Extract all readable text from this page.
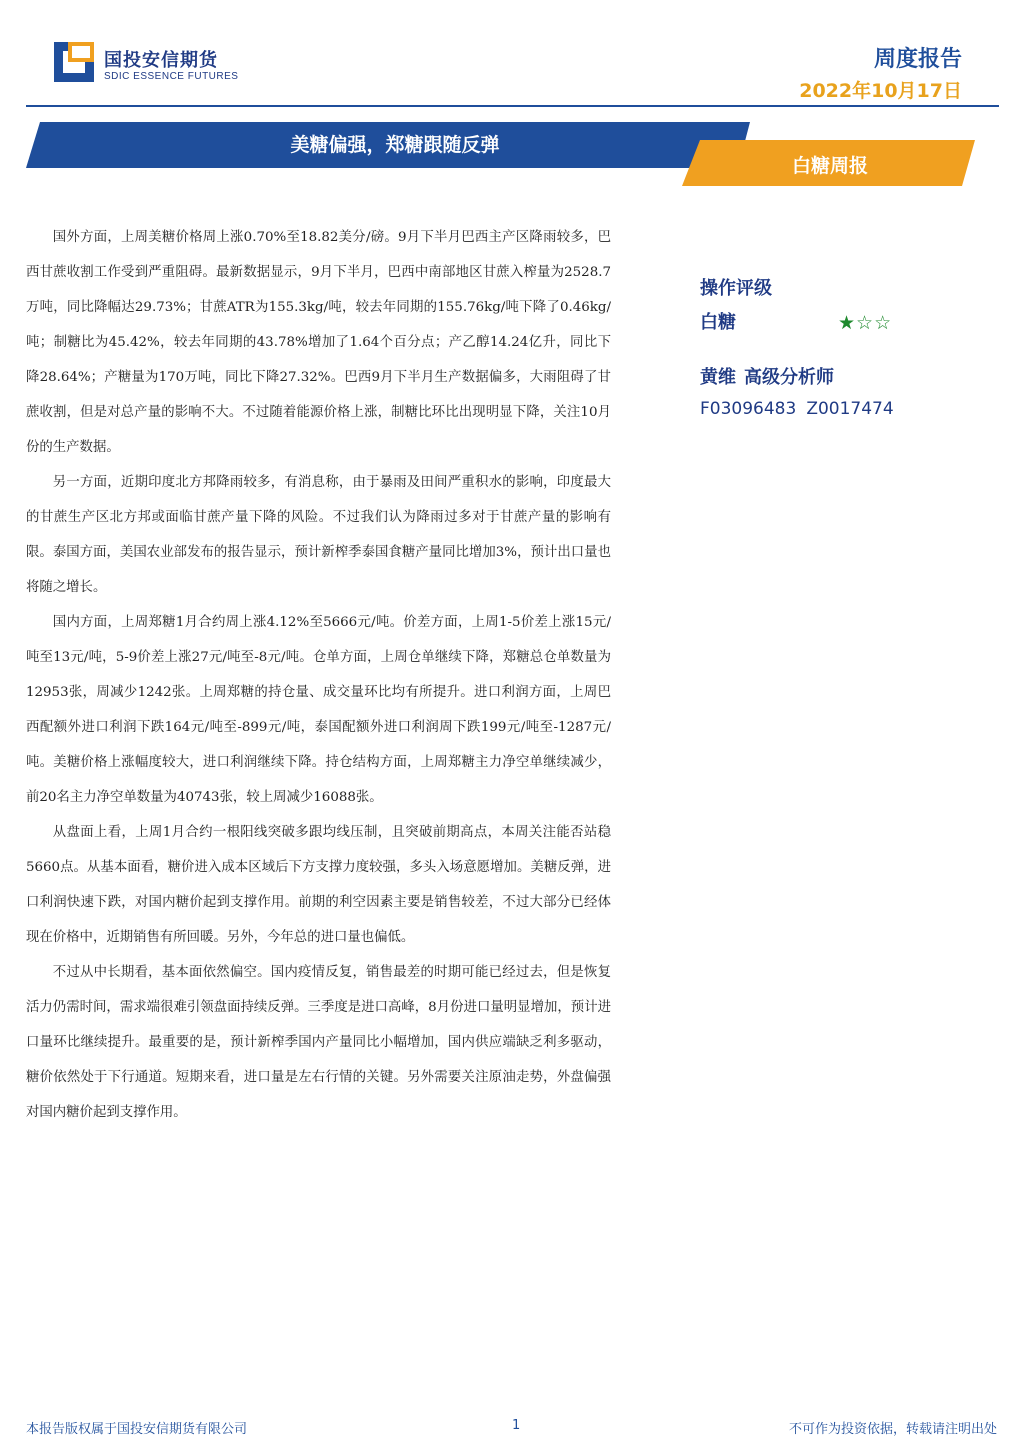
国投安信期货
SDIC ESSENCE FUTURES
周度报告
2022年10月17日
美糖偏强，郑糖跟随反弹
白糖周报

国外方面，上周美糖价格周上涨0.70%至18.82美分/磅。9月下半月巴西主产区降雨较多，巴西甘蔗收割工作受到严重阻碍。最新数据显示，9月下半月，巴西中南部地区甘蔗入榨量为2528.7万吨，同比降幅达29.73%；甘蔗ATR为155.3kg/吨，较去年同期的155.76kg/吨下降了0.46kg/吨；制糖比为45.42%，较去年同期的43.78%增加了1.64个百分点；产乙醇14.24亿升，同比下降28.64%；产糖量为170万吨，同比下降27.32%。巴西9月下半月生产数据偏多，大雨阻碍了甘蔗收割，但是对总产量的影响不大。不过随着能源价格上涨，制糖比环比出现明显下降，关注10月份的生产数据。

另一方面，近期印度北方邦降雨较多，有消息称，由于暴雨及田间严重积水的影响，印度最大的甘蔗生产区北方邦或面临甘蔗产量下降的风险。不过我们认为降雨过多对于甘蔗产量的影响有限。泰国方面，美国农业部发布的报告显示，预计新榨季泰国食糖产量同比增加3%，预计出口量也将随之增长。

国内方面，上周郑糖1月合约周上涨4.12%至5666元/吨。价差方面，上周1-5价差上涨15元/吨至13元/吨，5-9价差上涨27元/吨至-8元/吨。仓单方面，上周仓单继续下降，郑糖总仓单数量为12953张，周减少1242张。上周郑糖的持仓量、成交量环比均有所提升。进口利润方面，上周巴西配额外进口利润下跌164元/吨至-899元/吨，泰国配额外进口利润周下跌199元/吨至-1287元/吨。美糖价格上涨幅度较大，进口利润继续下降。持仓结构方面，上周郑糖主力净空单继续减少，前20名主力净空单数量为40743张，较上周减少16088张。

从盘面上看，上周1月合约一根阳线突破多跟均线压制，且突破前期高点，本周关注能否站稳5660点。从基本面看，糖价进入成本区域后下方支撑力度较强，多头入场意愿增加。美糖反弹，进口利润快速下跌，对国内糖价起到支撑作用。前期的利空因素主要是销售较差，不过大部分已经体现在价格中，近期销售有所回暖。另外，今年总的进口量也偏低。

不过从中长期看，基本面依然偏空。国内疫情反复，销售最差的时期可能已经过去，但是恢复活力仍需时间，需求端很难引领盘面持续反弹。三季度是进口高峰，8月份进口量明显增加，预计进口量环比继续提升。最重要的是，预计新榨季国内产量同比小幅增加，国内供应端缺乏利多驱动，糖价依然处于下行通道。短期来看，进口量是左右行情的关键。另外需要关注原油走势，外盘偏强对国内糖价起到支撑作用。

操作评级
白糖	★☆☆
黄维 高级分析师
F03096483 Z0017474
本报告版权属于国投安信期货有限公司	1	不可作为投资依据，转载请注明出处
